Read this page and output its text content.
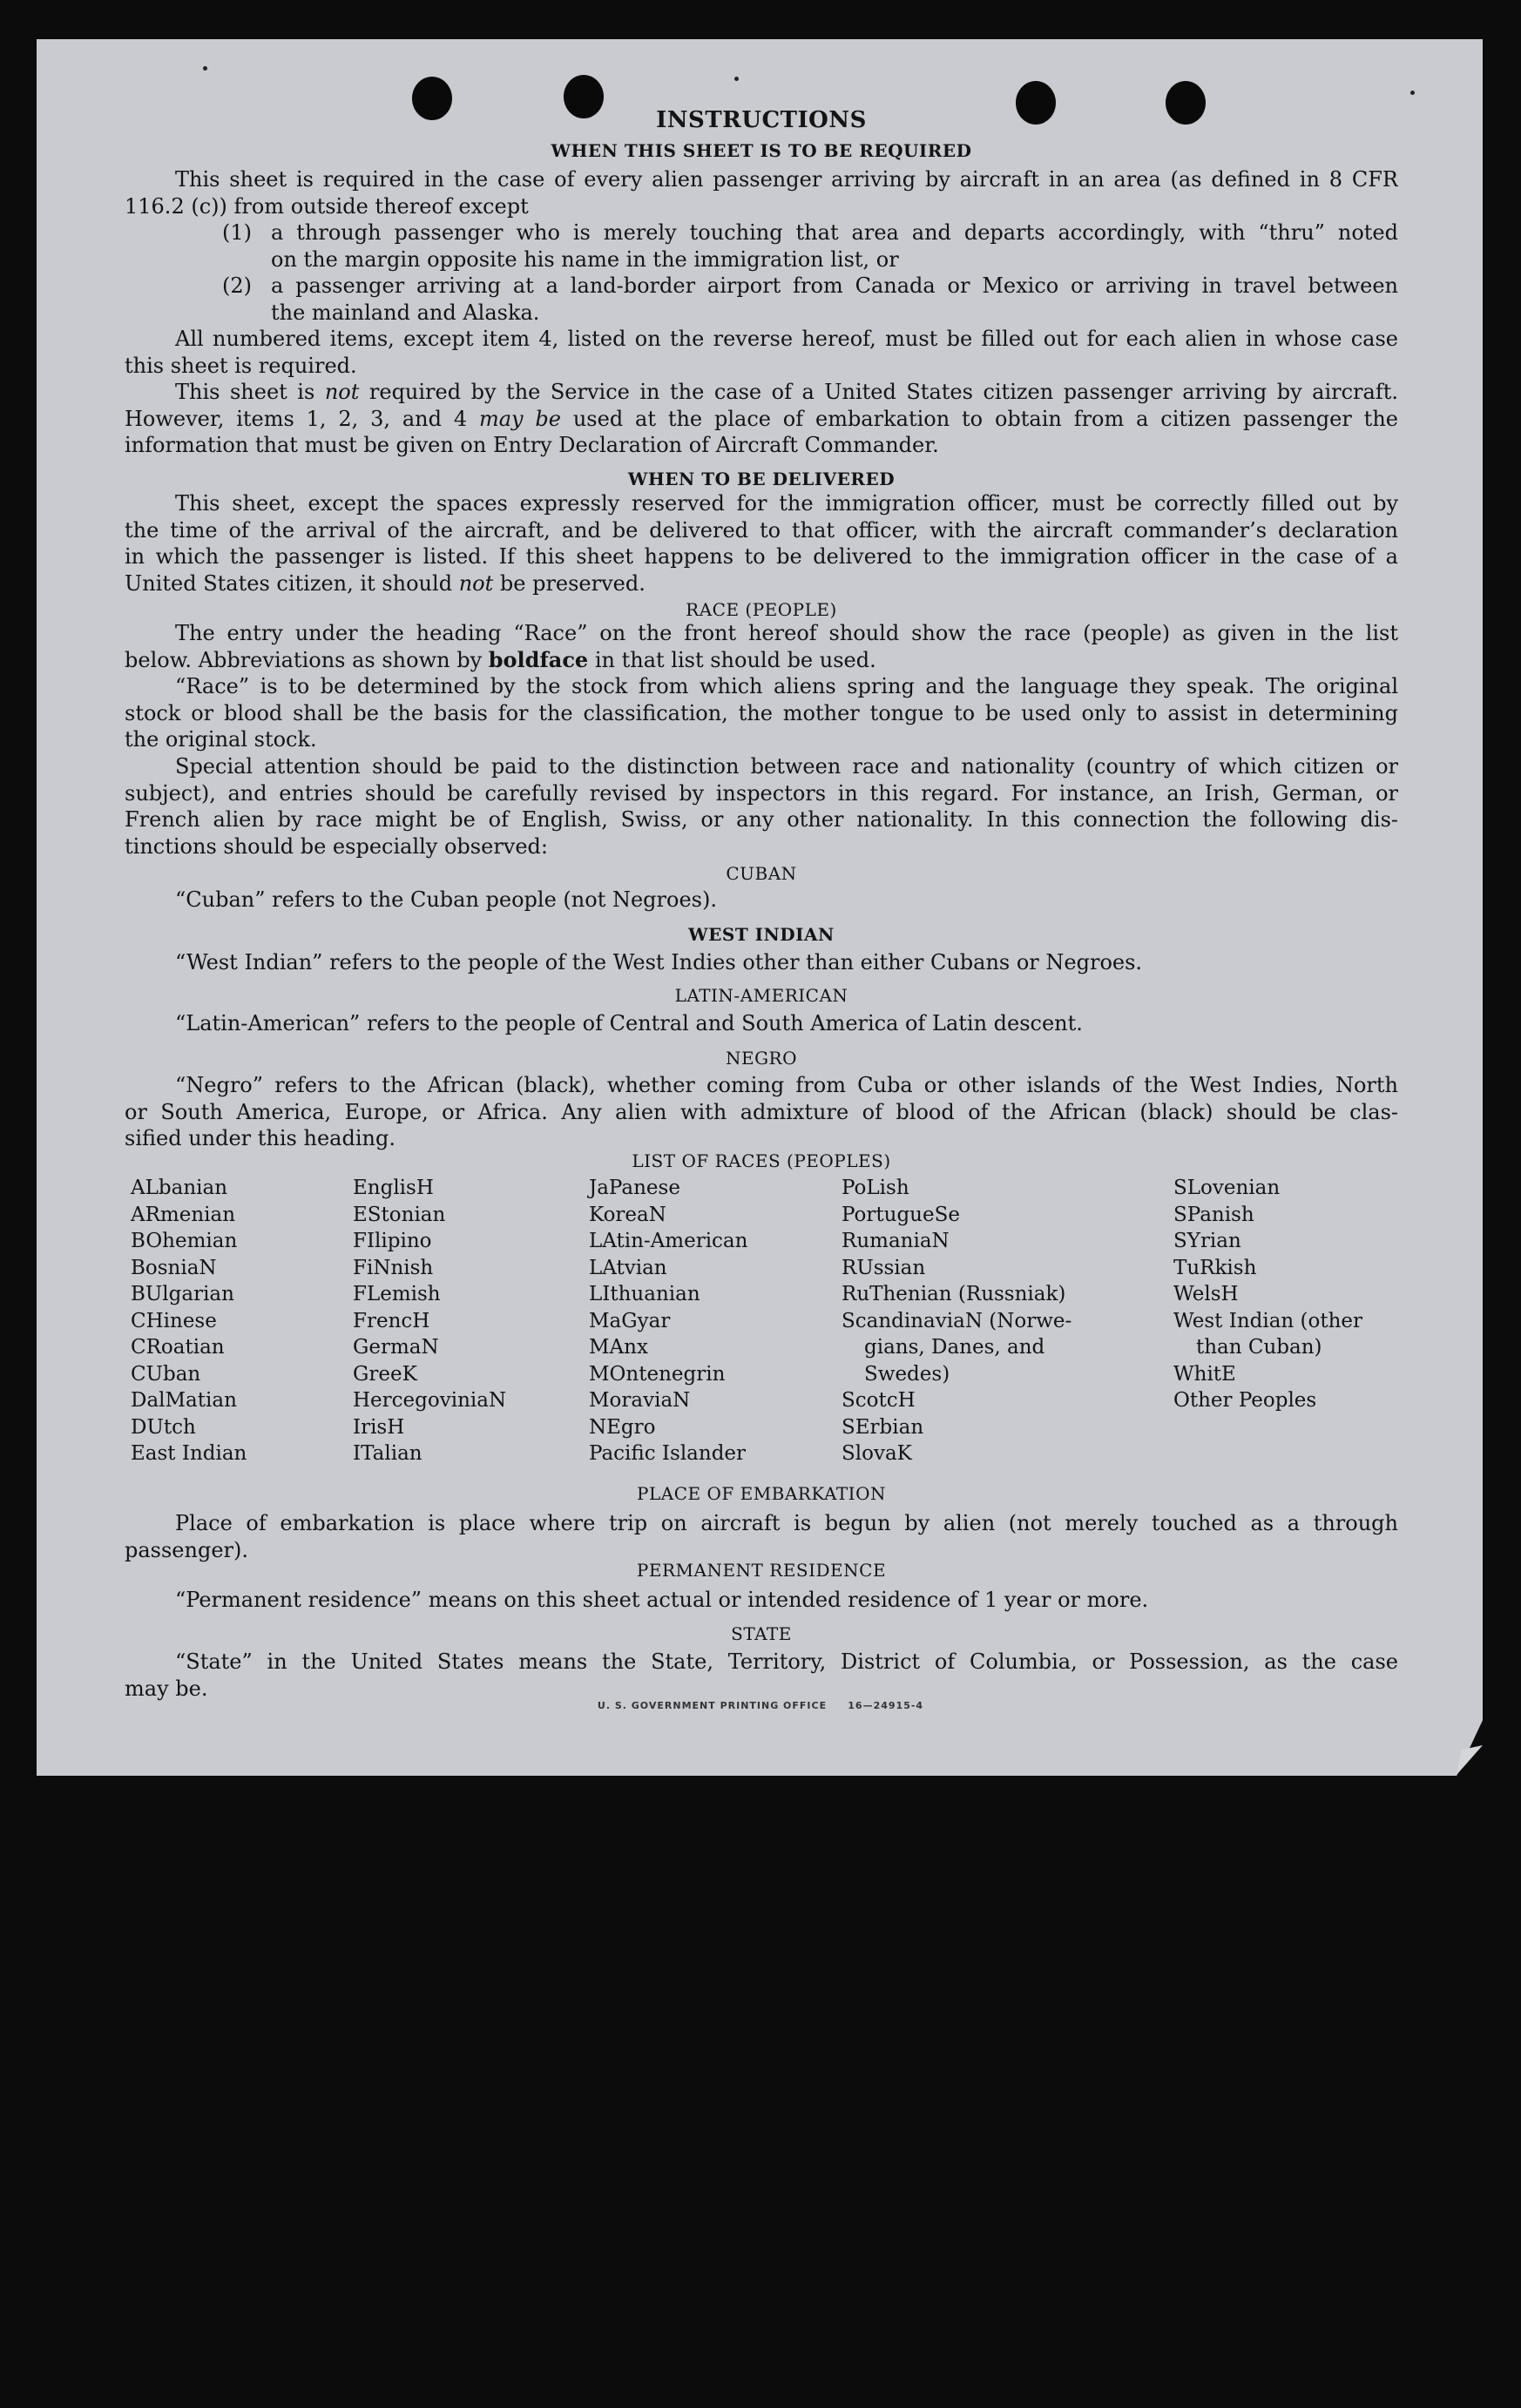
INSTRUCTIONS
WHEN THIS SHEET IS TO BE REQUIRED
This sheet is required in the case of every alien passenger arriving by aircraft in an area (as defined in 8 CFR
116.2 (c)) from outside thereof except
(1) a through passenger who is merely touching that area and departs accordingly, with “thru” noted
on the margin opposite his name in the immigration list, or
(2) a passenger arriving at a land-border airport from Canada or Mexico or arriving in travel between
the mainland and Alaska.
All numbered items, except item 4, listed on the reverse hereof, must be filled out for each alien in whose case
this sheet is required.
This sheet is not required by the Service in the case of a United States citizen passenger arriving by aircraft.
However, items 1, 2, 3, and 4 may be used at the place of embarkation to obtain from a citizen passenger the
information that must be given on Entry Declaration of Aircraft Commander.
WHEN TO BE DELIVERED
This sheet, except the spaces expressly reserved for the immigration officer, must be correctly filled out by
the time of the arrival of the aircraft, and be delivered to that officer, with the aircraft commander’s declaration
in which the passenger is listed. If this sheet happens to be delivered to the immigration officer in the case of a
United States citizen, it should not be preserved.
RACE (PEOPLE)
The entry under the heading “Race” on the front hereof should show the race (people) as given in the list
below. Abbreviations as shown by boldface in that list should be used.
“Race” is to be determined by the stock from which aliens spring and the language they speak. The original
stock or blood shall be the basis for the classification, the mother tongue to be used only to assist in determining
the original stock.
Special attention should be paid to the distinction between race and nationality (country of which citizen or
subject), and entries should be carefully revised by inspectors in this regard. For instance, an Irish, German, or
French alien by race might be of English, Swiss, or any other nationality. In this connection the following dis-
tinctions should be especially observed:
CUBAN
“Cuban” refers to the Cuban people (not Negroes).
WEST INDIAN
“West Indian” refers to the people of the West Indies other than either Cubans or Negroes.
LATIN-AMERICAN
“Latin-American” refers to the people of Central and South America of Latin descent.
NEGRO
“Negro” refers to the African (black), whether coming from Cuba or other islands of the West Indies, North
or South America, Europe, or Africa. Any alien with admixture of blood of the African (black) should be clas-
sified under this heading.
LIST OF RACES (PEOPLES)
ALbanian
ARmenian
BOhemian
BosniaN
BUlgarian
CHinese
CRoatian
CUban
DalMatian
DUtch
East Indian
EnglisH
EStonian
FIlipino
FiNnish
FLemish
FrencH
GermaN
GreeK
HercegoviniaN
IrisH
ITalian
JaPanese
KoreaN
LAtin-American
LAtvian
LIthuanian
MaGyar
MAnx
MOntenegrin
MoraviaN
NEgro
Pacific Islander
PoLish
PortugueSe
RumaniaN
RUssian
RuThenian (Russniak)
ScandinaviaN (Norwe-
gians, Danes, and
Swedes)
ScotcH
SErbian
SlovaK
SLovenian
SPanish
SYrian
TuRkish
WelsH
West Indian (other
than Cuban)
WhitE
Other Peoples
PLACE OF EMBARKATION
Place of embarkation is place where trip on aircraft is begun by alien (not merely touched as a through
passenger).
PERMANENT RESIDENCE
“Permanent residence” means on this sheet actual or intended residence of 1 year or more.
STATE
“State” in the United States means the State, Territory, District of Columbia, or Possession, as the case
may be.
U. S. GOVERNMENT PRINTING OFFICE 16—24915-4
